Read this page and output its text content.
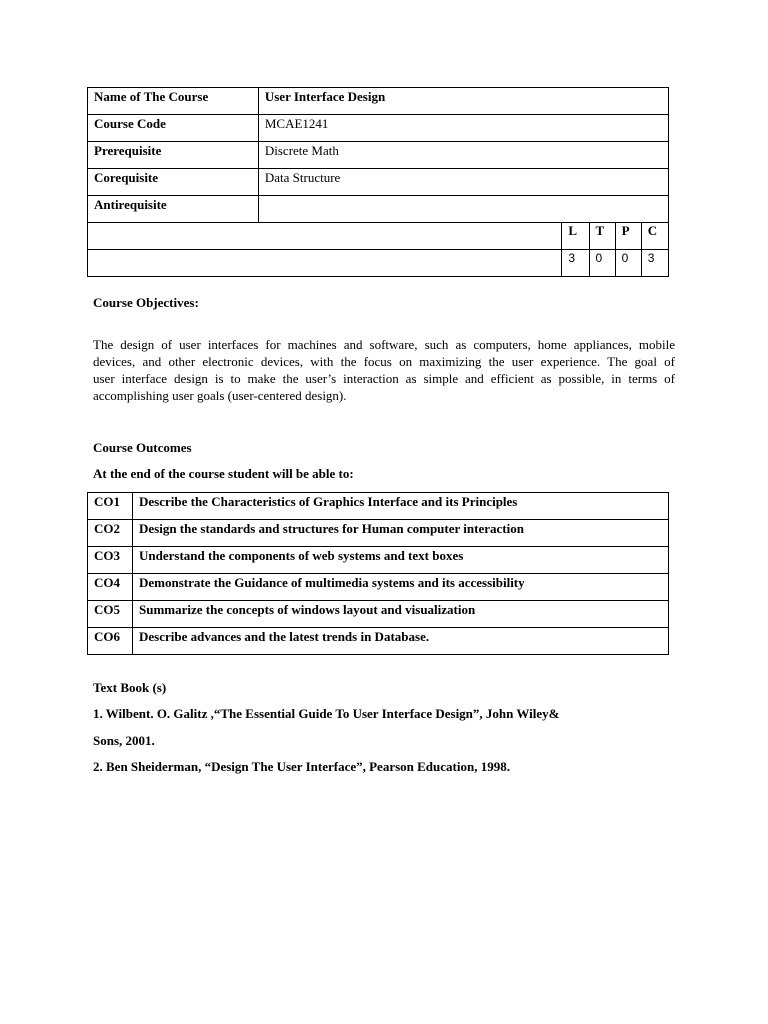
Name of The Course	User Interface Design				
Course Code	MCAE1241				
Prerequisite	Discrete Math				
Corequisite	Data Structure				
Antirequisite					
		L	T	P	C
		3	0	0	3
Course Objectives:
The design of user interfaces for machines and software, such as computers, home appliances, mobile
devices, and other electronic devices, with the focus on maximizing the user experience. The goal of
user interface design is to make the user’s interaction as simple and efficient as possible, in terms of
accomplishing user goals (user-centered design).
Course Outcomes
At the end of the course student will be able to:
CO1	Describe the Characteristics of Graphics Interface and its Principles
CO2	Design the standards and structures for Human computer interaction
CO3	Understand the components of web systems and text boxes
CO4	Demonstrate the Guidance of multimedia systems and its accessibility
CO5	Summarize the concepts of windows layout and visualization
CO6	Describe advances and the latest trends in Database.
Text Book (s)
1. Wilbent. O. Galitz ,“The Essential Guide To User Interface Design”, John Wiley&
Sons, 2001.
2. Ben Sheiderman, “Design The User Interface”, Pearson Education, 1998.
